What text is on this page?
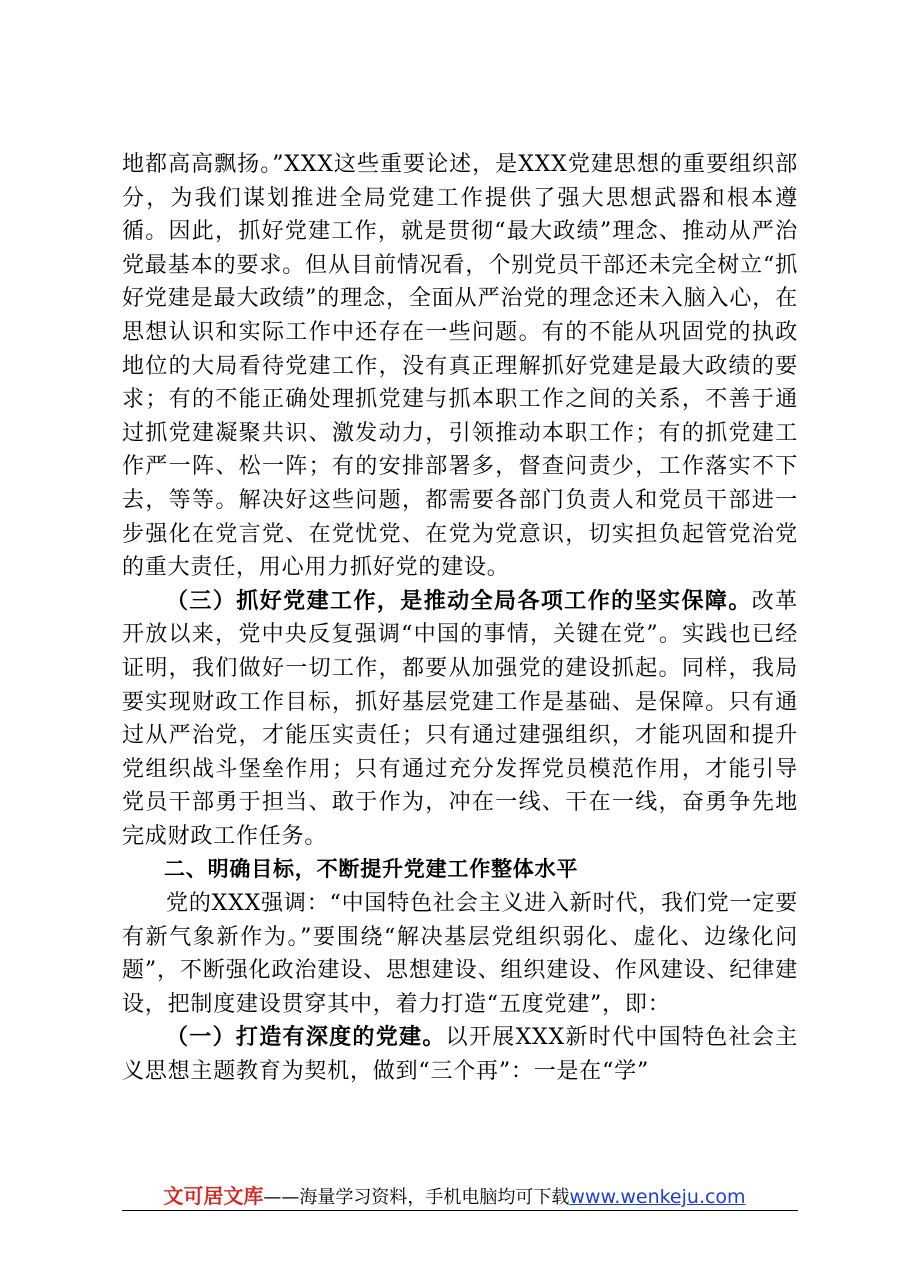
地都高高飘扬。”XXX这些重要论述，是XXX党建思想的重要组织部分，为我们谋划推进全局党建工作提供了强大思想武器和根本遵循。因此，抓好党建工作，就是贯彻“最大政绩”理念、推动从严治党最基本的要求。但从目前情况看，个别党员干部还未完全树立“抓好党建是最大政绩”的理念，全面从严治党的理念还未入脑入心，在思想认识和实际工作中还存在一些问题。有的不能从巩固党的执政地位的大局看待党建工作，没有真正理解抓好党建是最大政绩的要求；有的不能正确处理抓党建与抓本职工作之间的关系，不善于通过抓党建凝聚共识、激发动力，引领推动本职工作；有的抓党建工作严一阵、松一阵；有的安排部署多，督查问责少，工作落实不下去，等等。解决好这些问题，都需要各部门负责人和党员干部进一步强化在党言党、在党忧党、在党为党意识，切实担负起管党治党的重大责任，用心用力抓好党的建设。

（三）抓好党建工作，是推动全局各项工作的坚实保障。改革开放以来，党中央反复强调“中国的事情，关键在党”。实践也已经证明，我们做好一切工作，都要从加强党的建设抓起。同样，我局要实现财政工作目标，抓好基层党建工作是基础、是保障。只有通过从严治党，才能压实责任；只有通过建强组织，才能巩固和提升党组织战斗堡垒作用；只有通过充分发挥党员模范作用，才能引导党员干部勇于担当、敢于作为，冲在一线、干在一线，奋勇争先地完成财政工作任务。

二、明确目标，不断提升党建工作整体水平

党的XXX强调：“中国特色社会主义进入新时代，我们党一定要有新气象新作为。”要围绕“解决基层党组织弱化、虚化、边缘化问题”，不断强化政治建设、思想建设、组织建设、作风建设、纪律建设，把制度建设贯穿其中，着力打造“五度党建”，即：

（一）打造有深度的党建。以开展XXX新时代中国特色社会主义思想主题教育为契机，做到“三个再”：一是在“学”

文可居文库——海量学习资料，手机电脑均可下载www.wenkeju.com
